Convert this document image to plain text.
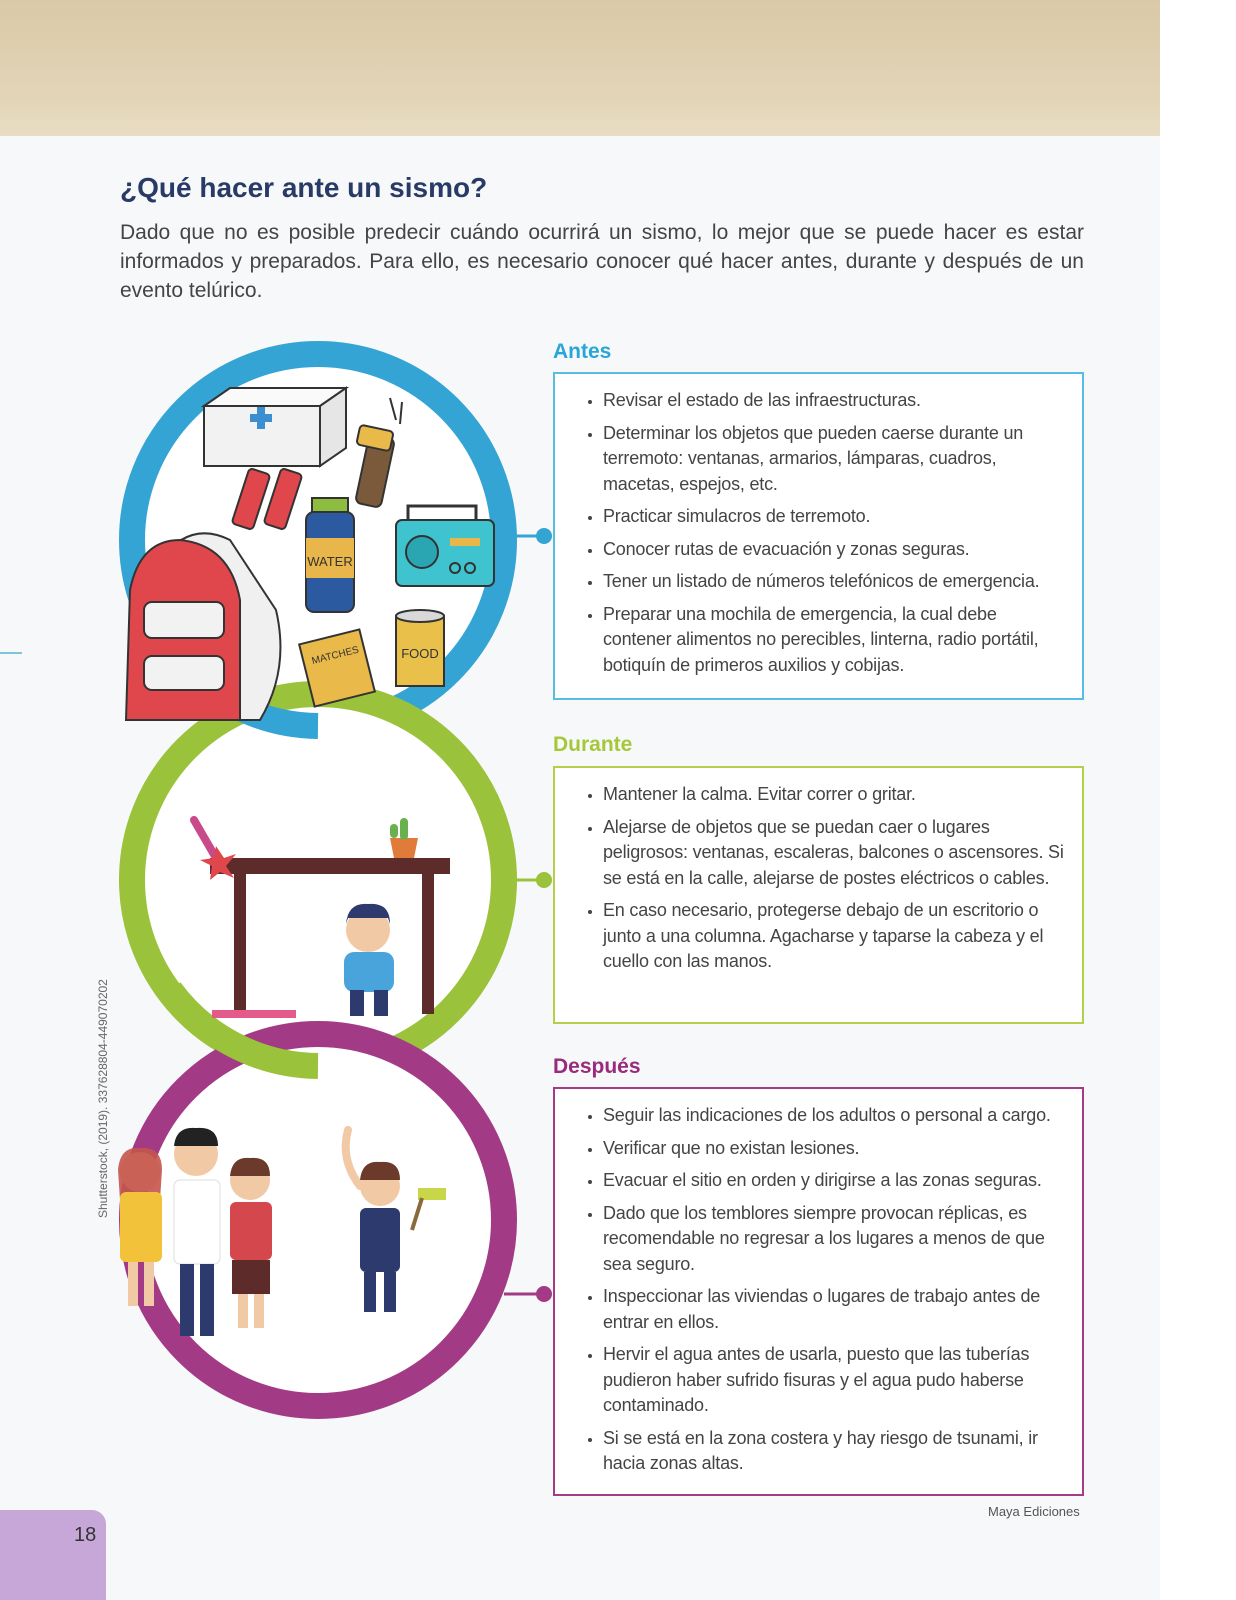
¿Qué hacer ante un sismo?

Dado que no es posible predecir cuándo ocurrirá un sismo, lo mejor que se puede hacer es estar informados y preparados. Para ello, es necesario conocer qué hacer antes, durante y después de un evento telúrico.

Shutterstock, (2019). 337628804-449070202
WATER
MATCHES	FOOD
Antes
• Revisar el estado de las infraestructuras.
• Determinar los objetos que pueden caerse durante un terremoto: ventanas, armarios, lámparas, cuadros, macetas, espejos, etc.
• Practicar simulacros de terremoto.
• Conocer rutas de evacuación y zonas seguras.
• Tener un listado de números telefónicos de emergencia.
• Preparar una mochila de emergencia, la cual debe contener alimentos no perecibles, linterna, radio portátil, botiquín de primeros auxilios y cobijas.
Durante
• Mantener la calma. Evitar correr o gritar.
• Alejarse de objetos que se puedan caer o lugares peligrosos: ventanas, escaleras, balcones o ascensores. Si se está en la calle, alejarse de postes eléctricos o cables.
• En caso necesario, protegerse debajo de un escritorio o junto a una columna. Agacharse y taparse la cabeza y el cuello con las manos.
Después
• Seguir las indicaciones de los adultos o personal a cargo.
• Verificar que no existan lesiones.
• Evacuar el sitio en orden y dirigirse a las zonas seguras.
• Dado que los temblores siempre provocan réplicas, es recomendable no regresar a los lugares a menos de que sea seguro.
• Inspeccionar las viviendas o lugares de trabajo antes de entrar en ellos.
• Hervir el agua antes de usarla, puesto que las tuberías pudieron haber sufrido fisuras y el agua pudo haberse contaminado.
• Si se está en la zona costera y hay riesgo de tsunami, ir hacia zonas altas.
Maya Ediciones
18
